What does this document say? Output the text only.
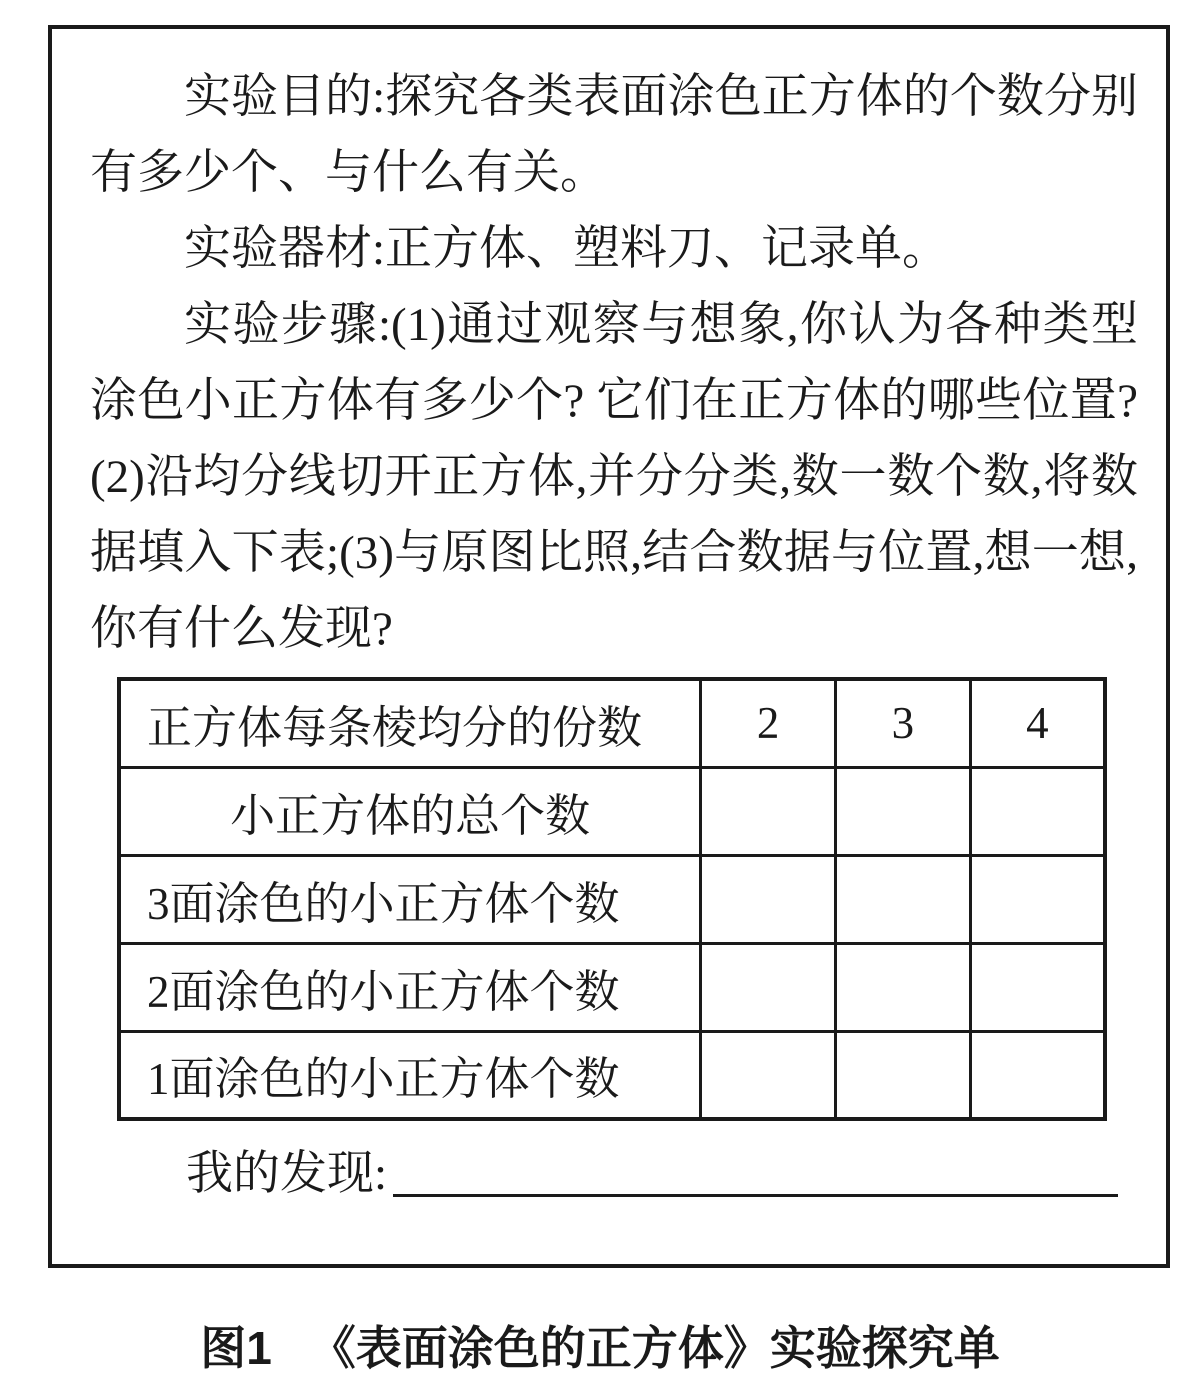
实验目的:探究各类表面涂色正方体的个数分别有多少个、与什么有关。

实验器材:正方体、塑料刀、记录单。

实验步骤:(1)通过观察与想象,你认为各种类型涂色小正方体有多少个? 它们在正方体的哪些位置?(2)沿均分线切开正方体,并分分类,数一数个数,将数据填入下表;(3)与原图比照,结合数据与位置,想一想,你有什么发现?

正方体每条棱均分的份数	2	3	4
小正方体的总个数			
3面涂色的小正方体个数			
2面涂色的小正方体个数			
1面涂色的小正方体个数			
我的发现:
图1 《表面涂色的正方体》实验探究单
